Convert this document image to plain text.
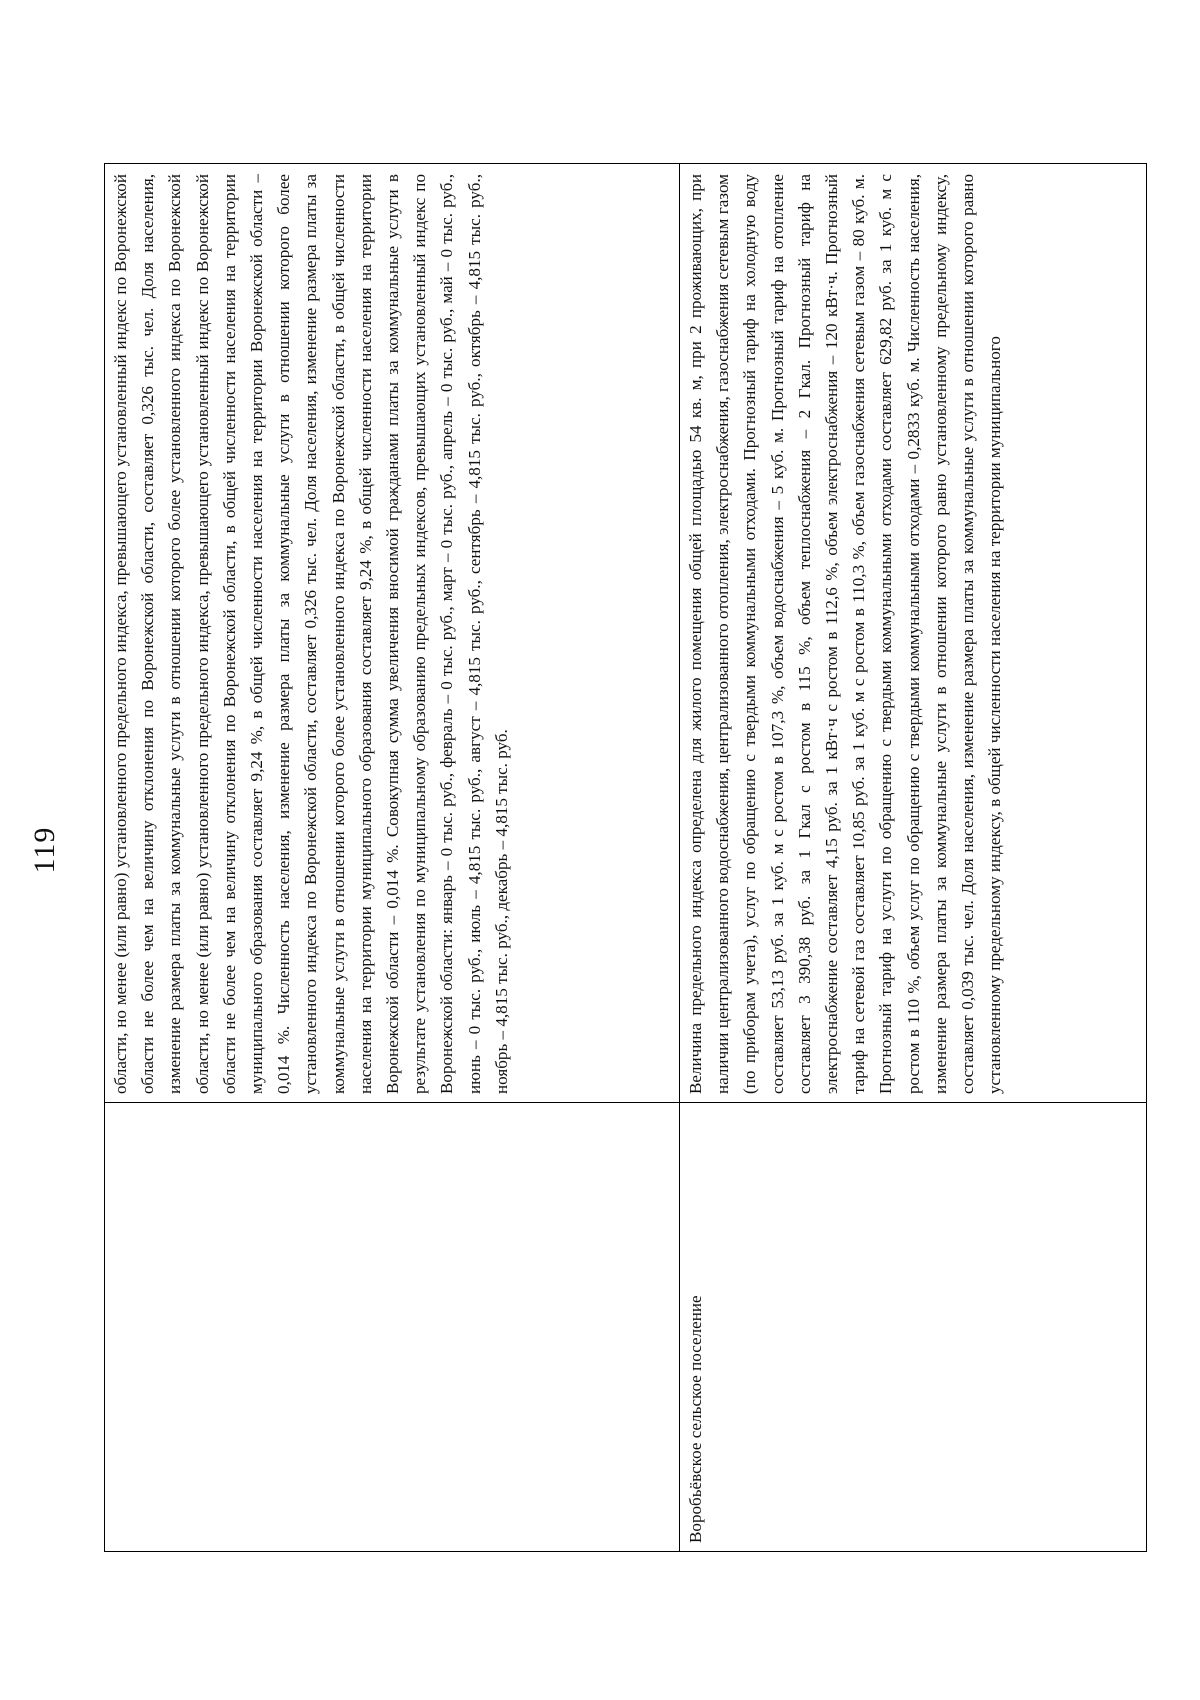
119
		области, но менее (или равно) установленного предельного индекса, превышающего установленный индекс по Воронежской области не более чем на величину отклонения по Воронежской области, составляет 0,326 тыс. чел. Доля населения, изменение размера платы за коммунальные услуги в отношении которого более установленного индекса по Воронежской области, но менее (или равно) установленного предельного индекса, превышающего установленный индекс по Воронежской области не более чем на величину отклонения по Воронежской области, в общей численности населения на территории муниципального образования составляет 9,24 %, в общей численности населения на территории Воронежской области – 0,014 %. Численность населения, изменение размера платы за коммунальные услуги в отношении которого более установленного индекса по Воронежской области, составляет 0,326 тыс. чел. Доля населения, изменение размера платы за коммунальные услуги в отношении которого более установленного индекса по Воронежской области, в общей численности населения на территории муниципального образования составляет 9,24 %, в общей численности населения на территории Воронежской области – 0,014 %. Совокупная сумма увеличения вносимой гражданами платы за коммунальные услуги в результате установления по муниципальному образованию предельных индексов, превышающих установленный индекс по Воронежской области: январь – 0 тыс. руб., февраль – 0 тыс. руб., март – 0 тыс. руб., апрель – 0 тыс. руб., май – 0 тыс. руб., июнь – 0 тыс. руб., июль – 4,815 тыс. руб., август – 4,815 тыс. руб., сентябрь – 4,815 тыс. руб., октябрь – 4,815 тыс. руб., ноябрь – 4,815 тыс. руб., декабрь – 4,815 тыс. руб.

Воробьёвское сельское поселение	Величина предельного индекса определена для жилого помещения общей площадью 54 кв. м, при 2 проживающих, при наличии централизованного водоснабжения, централизованного отопления, электроснабжения, газоснабжения сетевым газом (по приборам учета), услуг по обращению с твердыми коммунальными отходами. Прогнозный тариф на холодную воду составляет 53,13 руб. за 1 куб. м с ростом в 107,3 %, объем водоснабжения – 5 куб. м. Прогнозный тариф на отопление составляет 3 390,38 руб. за 1 Гкал с ростом в 115 %, объем теплоснабжения – 2 Гкал. Прогнозный тариф на электроснабжение составляет 4,15 руб. за 1 кВт·ч с ростом в 112,6 %, объем электроснабжения – 120 кВт·ч. Прогнозный тариф на сетевой газ составляет 10,85 руб. за 1 куб. м с ростом в 110,3 %, объем газоснабжения сетевым газом – 80 куб. м. Прогнозный тариф на услуги по обращению с твердыми коммунальными отходами составляет 629,82 руб. за 1 куб. м с ростом в 110 %, объем услуг по обращению с твердыми коммунальными отходами – 0,2833 куб. м. Численность населения, изменение размера платы за коммунальные услуги в отношении которого равно установленному предельному индексу, составляет 0,039 тыс. чел. Доля населения, изменение размера платы за коммунальные услуги в отношении которого равно установленному предельному индексу, в общей численности населения на территории муниципального
